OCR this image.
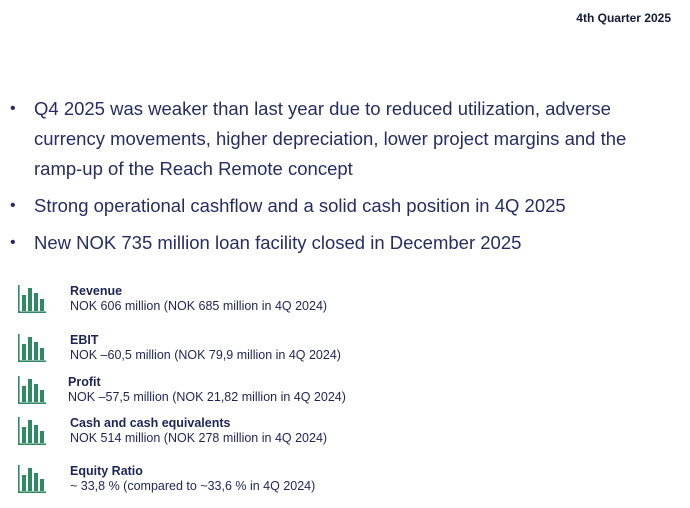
4th Quarter 2025
• Q4 2025 was weaker than last year due to reduced utilization, adverse currency movements, higher depreciation, lower project margins and the ramp-up of the Reach Remote concept
• Strong operational cashflow and a solid cash position in 4Q 2025
• New NOK 735 million loan facility closed in December 2025
Revenue
NOK 606 million (NOK 685 million in 4Q 2024)
EBIT
NOK –60,5 million (NOK 79,9 million in 4Q 2024)
Profit
NOK –57,5 million (NOK 21,82 million in 4Q 2024)
Cash and cash equivalents
NOK 514 million (NOK 278 million in 4Q 2024)
Equity Ratio
~ 33,8 % (compared to ~33,6 % in 4Q 2024)
